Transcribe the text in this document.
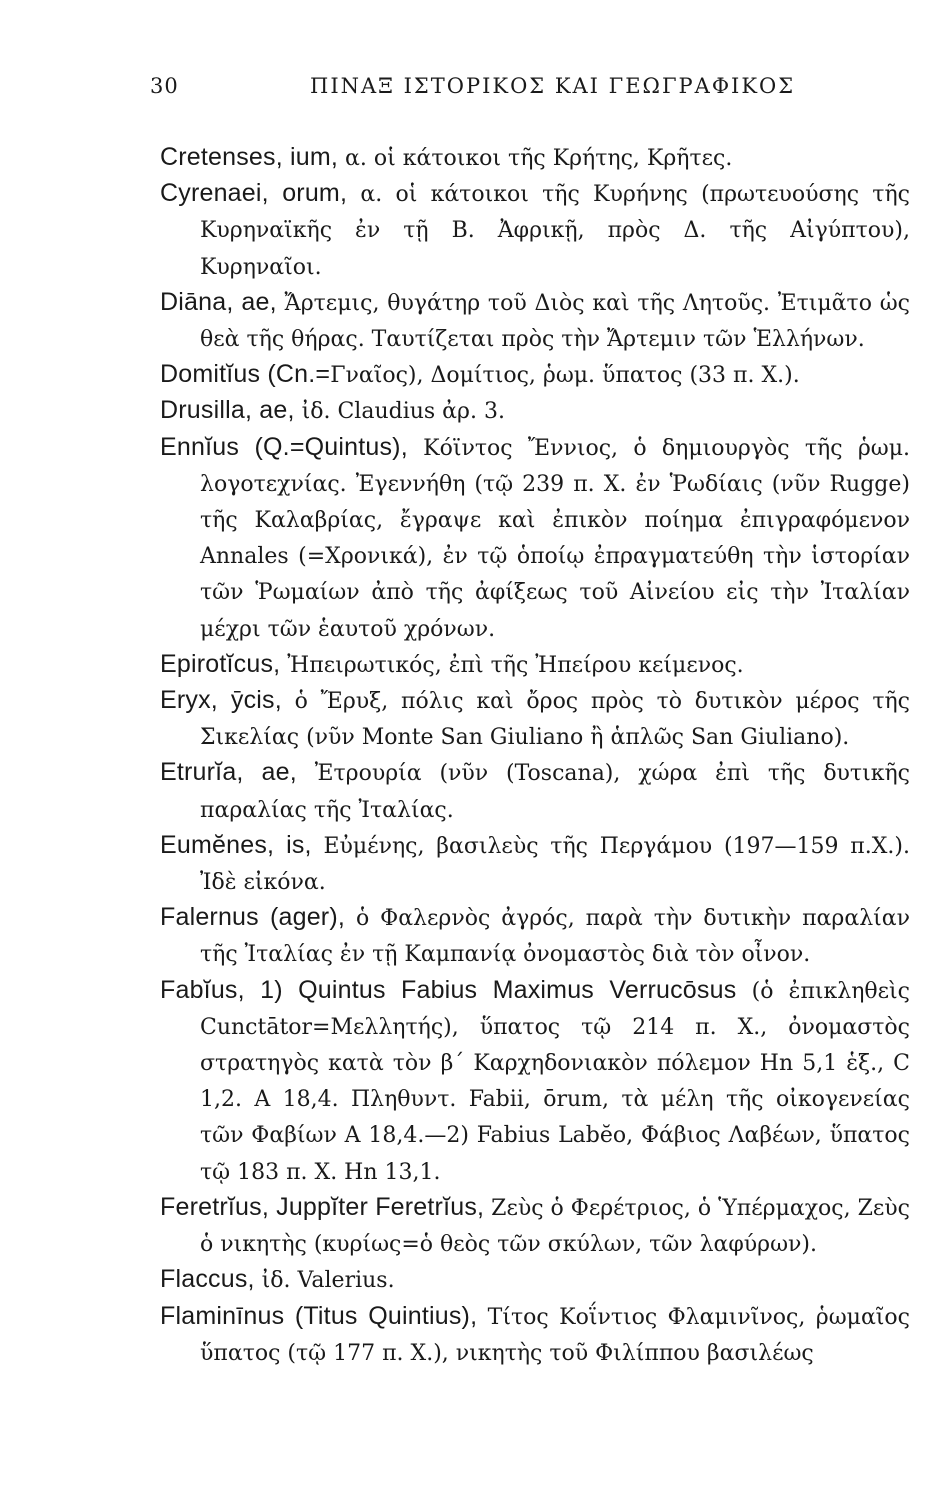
30	ΠΙΝΑΞ ΙΣΤΟΡΙΚΟΣ ΚΑΙ ΓΕΩΓΡΑΦΙΚΟΣ

Cretenses, ium, α. οἱ κάτοικοι τῆς Κρήτης, Κρῆτες.

Cyrenaei, orum, α. οἱ κάτοικοι τῆς Κυρήνης (πρωτευούσης τῆς Κυρηναϊκῆς ἐν τῇ Β. Ἀφρικῇ, πρὸς Δ. τῆς Αἰγύπτου), Κυρηναῖοι.

Diāna, ae, Ἄρτεμις, θυγάτηρ τοῦ Διὸς καὶ τῆς Λητοῦς. Ἐτιμᾶτο ὡς θεὰ τῆς θήρας. Ταυτίζεται πρὸς τὴν Ἄρτεμιν τῶν Ἑλλήνων.

Domitĭus (Cn.=Γναῖος), Δομίτιος, ῥωμ. ὕπατος (33 π. Χ.).

Drusilla, ae, ἰδ. Claudius ἀρ. 3.

Ennĭus (Q.=Quintus), Κόϊντος Ἔννιος, ὁ δημιουργὸς τῆς ῥωμ. λογοτεχνίας. Ἐγεννήθη (τῷ 239 π. Χ. ἐν Ῥωδίαις (νῦν Rugge) τῆς Καλαβρίας, ἔγραψε καὶ ἐπικὸν ποίημα ἐπιγραφόμενον Annales (=Χρονικά), ἐν τῷ ὁποίῳ ἐπραγματεύθη τὴν ἱστορίαν τῶν Ῥωμαίων ἀπὸ τῆς ἀφίξεως τοῦ Αἰνείου εἰς τὴν Ἰταλίαν μέχρι τῶν ἑαυτοῦ χρόνων.

Epirotĭcus, Ἠπειρωτικός, ἐπὶ τῆς Ἠπείρου κείμενος.

Eryx, ȳcis, ὁ Ἔρυξ, πόλις καὶ ὄρος πρὸς τὸ δυτικὸν μέρος τῆς Σικελίας (νῦν Monte San Giuliano ἢ ἁπλῶς San Giuliano).

Etrurĭa, ae, Ἐτρουρία (νῦν (Toscana), χώρα ἐπὶ τῆς δυτικῆς παραλίας τῆς Ἰταλίας.

Eumĕnes, is, Εὐμένης, βασιλεὺς τῆς Περγάμου (197—159 π.Χ.). Ἰδὲ εἰκόνα.

Falernus (ager), ὁ Φαλερνὸς ἀγρός, παρὰ τὴν δυτικὴν παραλίαν τῆς Ἰταλίας ἐν τῇ Καμπανίᾳ ὀνομαστὸς διὰ τὸν οἶνον.

Fabĭus, 1) Quintus Fabius Maximus Verrucōsus (ὁ ἐπικληθεὶς Cunctātor=Μελλητής), ὕπατος τῷ 214 π. Χ., ὀνομαστὸς στρατηγὸς κατὰ τὸν β´ Καρχηδονιακὸν πόλεμον Hn 5,1 ἑξ., C 1,2. A 18,4. Πληθυντ. Fabii, ōrum, τὰ μέλη τῆς οἰκογενείας τῶν Φαβίων A 18,4.—2) Fabius Labĕo, Φάβιος Λαβέων, ὕπατος τῷ 183 π. Χ. Hn 13,1.

Feretrĭus, Juppĭter Feretrĭus, Ζεὺς ὁ Φερέτριος, ὁ Ὑπέρμαχος, Ζεὺς ὁ νικητὴς (κυρίως=ὁ θεὸς τῶν σκύλων, τῶν λαφύρων).

Flaccus, ἰδ. Valerius.

Flaminīnus (Titus Quintius), Τίτος Κοΐντιος Φλαμινῖνος, ῥωμαῖος ὕπατος (τῷ 177 π. Χ.), νικητὴς τοῦ Φιλίππου βασιλέως
